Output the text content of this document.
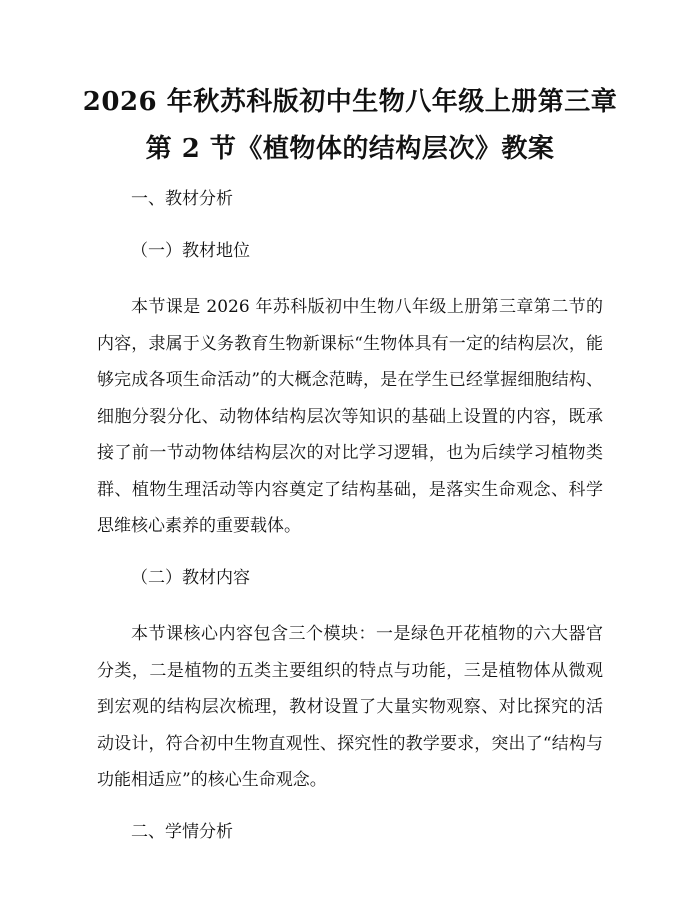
2026 年秋苏科版初中生物八年级上册第三章
第 2 节《植物体的结构层次》教案

一、教材分析

（一）教材地位

本节课是 2026 年苏科版初中生物八年级上册第三章第二节的内容，隶属于义务教育生物新课标“生物体具有一定的结构层次，能够完成各项生命活动”的大概念范畴，是在学生已经掌握细胞结构、细胞分裂分化、动物体结构层次等知识的基础上设置的内容，既承接了前一节动物体结构层次的对比学习逻辑，也为后续学习植物类群、植物生理活动等内容奠定了结构基础，是落实生命观念、科学思维核心素养的重要载体。

（二）教材内容

本节课核心内容包含三个模块：一是绿色开花植物的六大器官分类，二是植物的五类主要组织的特点与功能，三是植物体从微观到宏观的结构层次梳理，教材设置了大量实物观察、对比探究的活动设计，符合初中生物直观性、探究性的教学要求，突出了“结构与功能相适应”的核心生命观念。

二、学情分析
